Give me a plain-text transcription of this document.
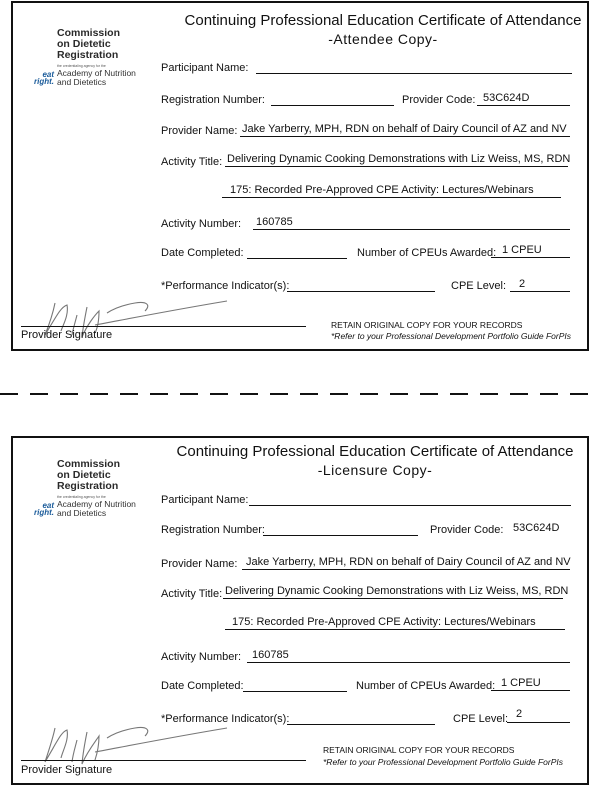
Commission
on Dietetic
Registration
the credentialing agency for the
eat
right.
Academy of Nutrition
and Dietetics
Continuing Professional Education Certificate of Attendance
-Attendee Copy-
Participant Name:
Registration Number:	Provider Code: 53C624D
Provider Name: Jake Yarberry, MPH, RDN on behalf of Dairy Council of AZ and NV
Activity Title: Delivering Dynamic Cooking Demonstrations with Liz Weiss, MS, RDN
175: Recorded Pre-Approved CPE Activity: Lectures/Webinars
Activity Number: 160785
Date Completed:	Number of CPEUs Awarded: 1 CPEU
*Performance Indicator(s):	CPE Level: 2
Provider Signature
RETAIN ORIGINAL COPY FOR YOUR RECORDS
*Refer to your Professional Development Portfolio Guide ForPIs
Commission
on Dietetic
Registration
the credentialing agency for the
eat
right.
Academy of Nutrition
and Dietetics
Continuing Professional Education Certificate of Attendance
-Licensure Copy-
Participant Name:
Registration Number:	Provider Code: 53C624D
Provider Name: Jake Yarberry, MPH, RDN on behalf of Dairy Council of AZ and NV
Activity Title: Delivering Dynamic Cooking Demonstrations with Liz Weiss, MS, RDN
175: Recorded Pre-Approved CPE Activity: Lectures/Webinars
Activity Number: 160785
Date Completed:	Number of CPEUs Awarded: 1 CPEU
*Performance Indicator(s):	CPE Level: 2
Provider Signature
RETAIN ORIGINAL COPY FOR YOUR RECORDS
*Refer to your Professional Development Portfolio Guide ForPIs
